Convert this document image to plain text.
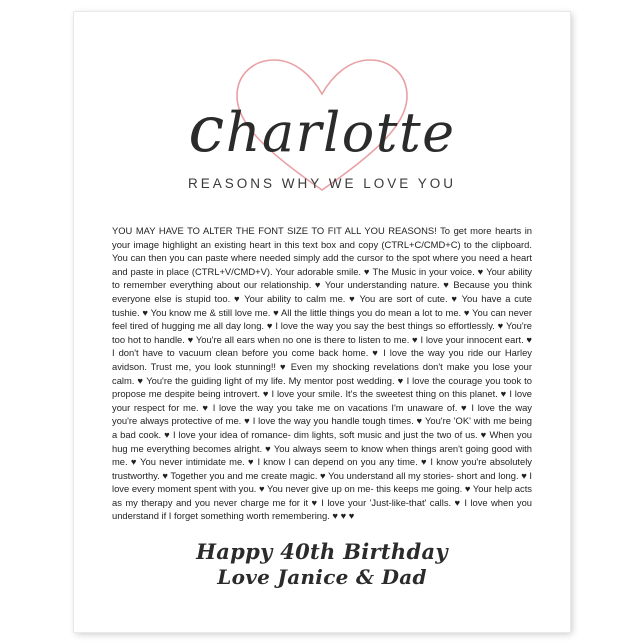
charlotte
REASONS WHY WE LOVE YOU
YOU MAY HAVE TO ALTER THE FONT SIZE TO FIT ALL YOU REASONS! To get more hearts in your image highlight an existing heart in this text box and copy (CTRL+C/CMD+C) to the clipboard. You can then you can paste where needed simply add the cursor to the spot where you need a heart and paste in place (CTRL+V/CMD+V). Your adorable smile. ♥ The Music in your voice. ♥ Your ability to remember everything about our relationship. ♥ Your understanding nature. ♥ Because you think everyone else is stupid too. ♥ Your ability to calm me. ♥ You are sort of cute. ♥ You have a cute tushie. ♥ You know me & still love me. ♥ All the little things you do mean a lot to me. ♥ You can never feel tired of hugging me all day long. ♥ I love the way you say the best things so effortlessly. ♥ You're too hot to handle. ♥ You're all ears when no one is there to listen to me. ♥ I love your innocent eart. ♥ I don't have to vacuum clean before you come back home. ♥ I love the way you ride our Harley avidson. Trust me, you look stunning!! ♥ Even my shocking revelations don't make you lose your calm. ♥ You're the guiding light of my life. My mentor post wedding. ♥ I love the courage you took to propose me despite being introvert. ♥ I love your smile. It's the sweetest thing on this planet. ♥ I love your respect for me. ♥ I love the way you take me on vacations I'm unaware of. ♥ I love the way you're always protective of me. ♥ I love the way you handle tough times. ♥ You're 'OK' with me being a bad cook. ♥ I love your idea of romance- dim lights, soft music and just the two of us. ♥ When you hug me everything becomes alright. ♥ You always seem to know when things aren't going good with me. ♥ You never intimidate me. ♥ I know I can depend on you any time. ♥ I know you're absolutely trustworthy. ♥ Together you and me create magic. ♥ You understand all my stories- short and long. ♥ I love every moment spent with you. ♥ You never give up on me- this keeps me going. ♥ Your help acts as my therapy and you never charge me for it ♥ I love your 'Just-like-that' calls. ♥ I love when you understand if I forget something worth remembering. ♥ ♥ ♥
Happy 40th Birthday
Love Janice & Dad
